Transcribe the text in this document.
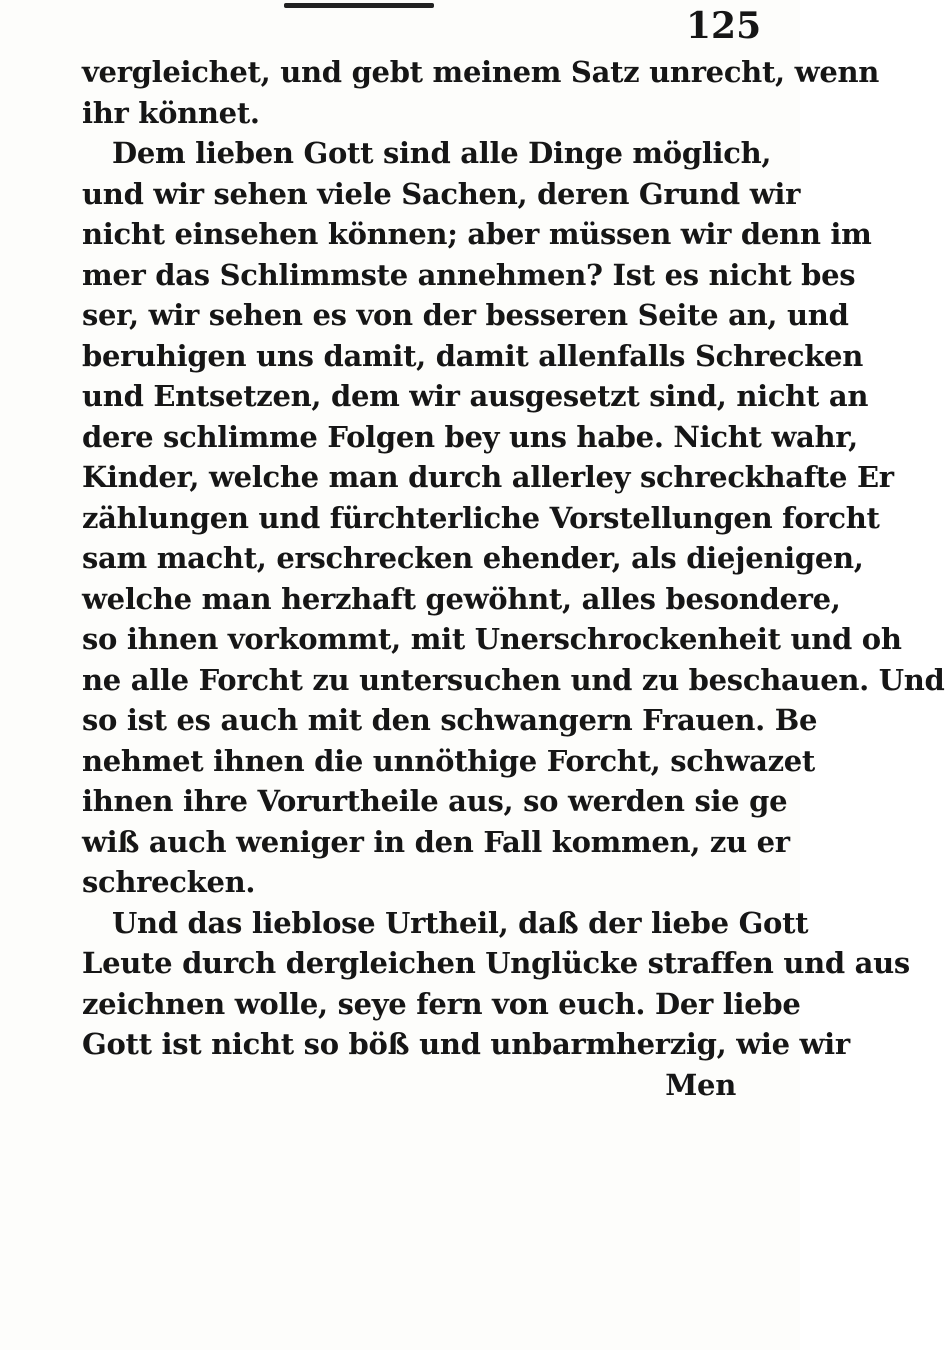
125
vergleichet, und gebt meinem Satz unrecht, wenn
ihr könnet.
Dem lieben Gott sind alle Dinge möglich,
und wir sehen viele Sachen, deren Grund wir
nicht einsehen können; aber müssen wir denn im
mer das Schlimmste annehmen? Ist es nicht bes
ser, wir sehen es von der besseren Seite an, und
beruhigen uns damit, damit allenfalls Schrecken
und Entsetzen, dem wir ausgesetzt sind, nicht an
dere schlimme Folgen bey uns habe. Nicht wahr,
Kinder, welche man durch allerley schreckhafte Er
zählungen und fürchterliche Vorstellungen forcht
sam macht, erschrecken ehender, als diejenigen,
welche man herzhaft gewöhnt, alles besondere,
so ihnen vorkommt, mit Unerschrockenheit und oh
ne alle Forcht zu untersuchen und zu beschauen. Und
so ist es auch mit den schwangern Frauen. Be
nehmet ihnen die unnöthige Forcht, schwazet
ihnen ihre Vorurtheile aus, so werden sie ge
wiß auch weniger in den Fall kommen, zu er
schrecken.
Und das lieblose Urtheil, daß der liebe Gott
Leute durch dergleichen Unglücke straffen und aus
zeichnen wolle, seye fern von euch. Der liebe
Gott ist nicht so böß und unbarmherzig, wie wir
Men
